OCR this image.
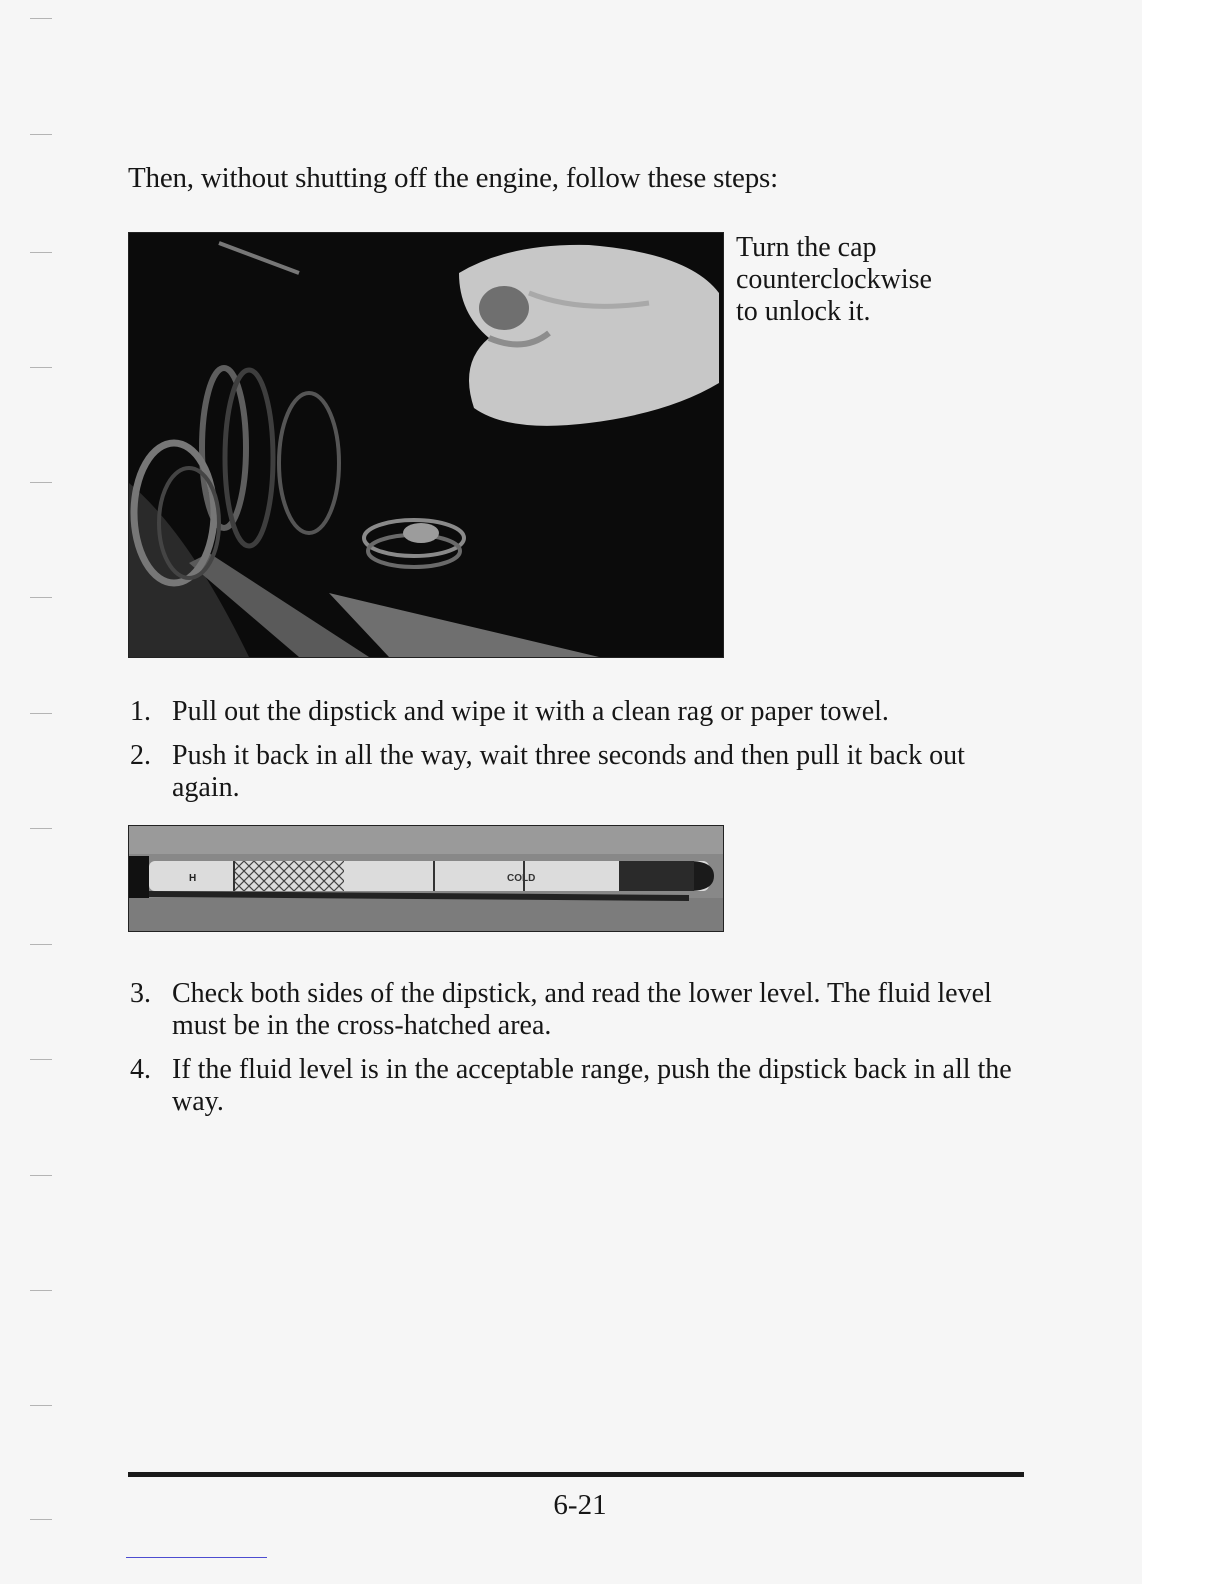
Then, without shutting off the engine, follow these steps:

Turn the cap
counterclockwise
to unlock it.

1. Pull out the dipstick and wipe it with a clean rag or paper towel.
2. Push it back in all the way, wait three seconds and then pull it back out again.
H	COLD
3. Check both sides of the dipstick, and read the lower level. The fluid level must be in the cross-hatched area.
4. If the fluid level is in the acceptable range, push the dipstick back in all the way.

6-21
